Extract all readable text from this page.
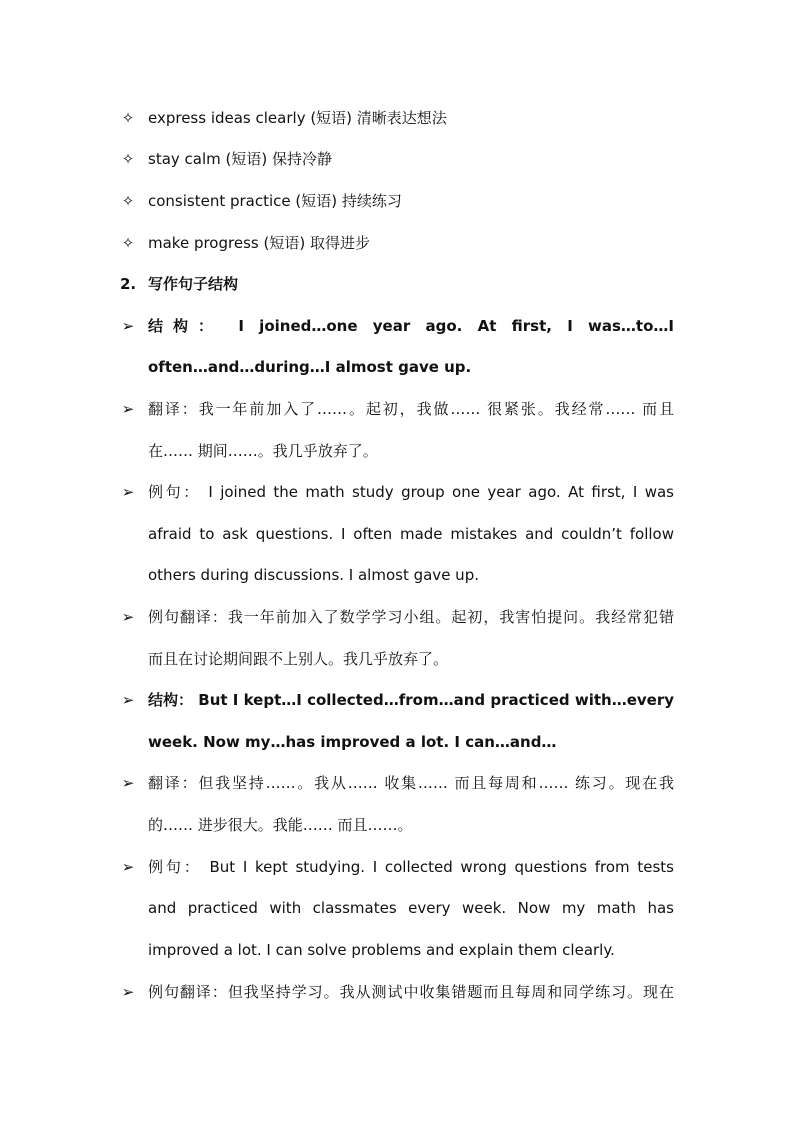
✧ express ideas clearly (短语) 清晰表达想法
✧ stay calm (短语) 保持冷静
✧ consistent practice (短语) 持续练习
✧ make progress (短语) 取得进步
2. 写作句子结构
➢ 结构： I joined…one year ago. At first, I was…to…I
often…and…during…I almost gave up.
➢ 翻译：我一年前加入了……。起初，我做…… 很紧张。我经常…… 而且
在…… 期间……。我几乎放弃了。
➢ 例句： I joined the math study group one year ago. At first, I was
afraid to ask questions. I often made mistakes and couldn’t follow
others during discussions. I almost gave up.
➢ 例句翻译：我一年前加入了数学学习小组。起初，我害怕提问。我经常犯错
而且在讨论期间跟不上别人。我几乎放弃了。
➢ 结构： But I kept…I collected…from…and practiced with…every
week. Now my…has improved a lot. I can…and…
➢ 翻译：但我坚持……。我从…… 收集…… 而且每周和…… 练习。现在我
的…… 进步很大。我能…… 而且……。
➢ 例句： But I kept studying. I collected wrong questions from tests
and practiced with classmates every week. Now my math has
improved a lot. I can solve problems and explain them clearly.
➢ 例句翻译：但我坚持学习。我从测试中收集错题而且每周和同学练习。现在
